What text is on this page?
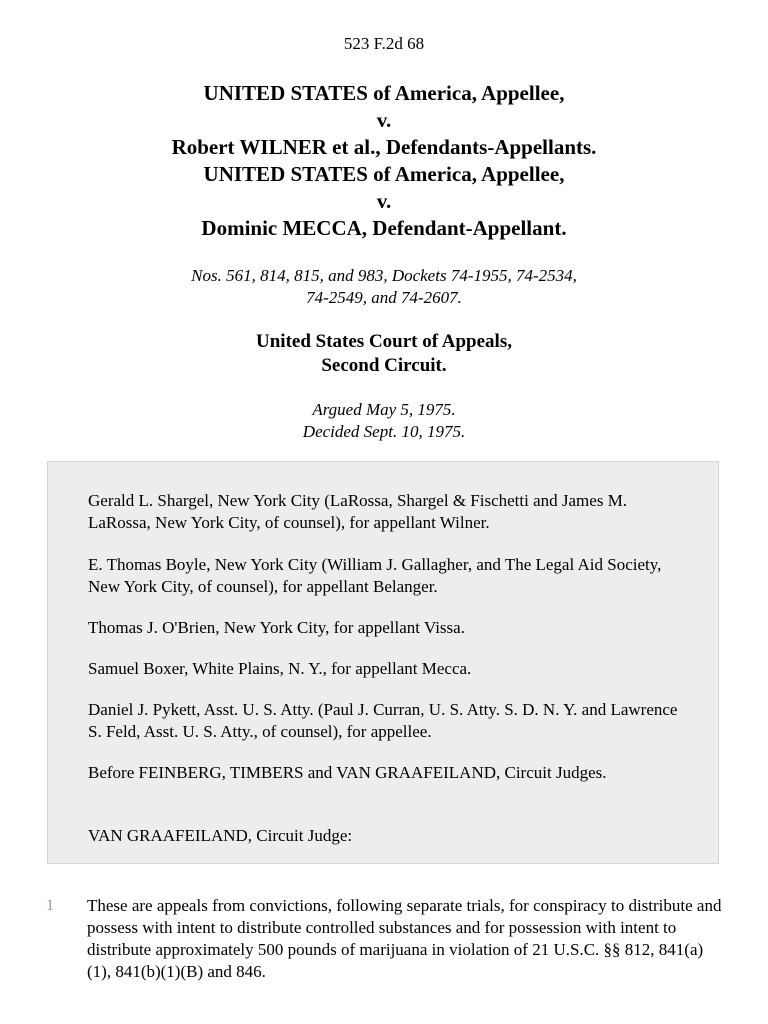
523 F.2d 68
UNITED STATES of America, Appellee,
v.
Robert WILNER et al., Defendants-Appellants.
UNITED STATES of America, Appellee,
v.
Dominic MECCA, Defendant-Appellant.
Nos. 561, 814, 815, and 983, Dockets 74-1955, 74-2534,
74-2549, and 74-2607.
United States Court of Appeals,
Second Circuit.
Argued May 5, 1975.
Decided Sept. 10, 1975.

Gerald L. Shargel, New York City (LaRossa, Shargel & Fischetti and James M. LaRossa, New York City, of counsel), for appellant Wilner.

E. Thomas Boyle, New York City (William J. Gallagher, and The Legal Aid Society, New York City, of counsel), for appellant Belanger.

Thomas J. O'Brien, New York City, for appellant Vissa.

Samuel Boxer, White Plains, N. Y., for appellant Mecca.

Daniel J. Pykett, Asst. U. S. Atty. (Paul J. Curran, U. S. Atty. S. D. N. Y. and Lawrence S. Feld, Asst. U. S. Atty., of counsel), for appellee.

Before FEINBERG, TIMBERS and VAN GRAAFEILAND, Circuit Judges.

VAN GRAAFEILAND, Circuit Judge:

1 These are appeals from convictions, following separate trials, for conspiracy to distribute and possess with intent to distribute controlled substances and for possession with intent to distribute approximately 500 pounds of marijuana in violation of 21 U.S.C. §§ 812, 841(a)(1), 841(b)(1)(B) and 846.
